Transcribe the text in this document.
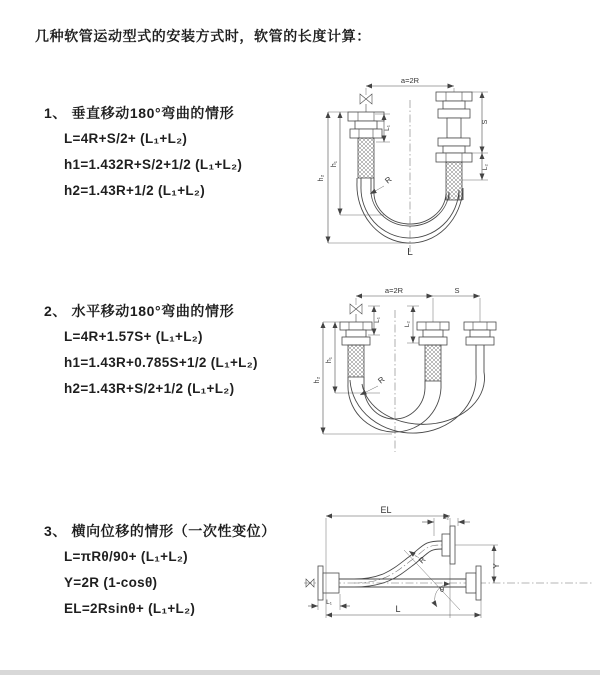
几种软管运动型式的安装方式时，软管的长度计算：
1、 垂直移动180°弯曲的情形
L=4R+S/2+ (L₁+L₂)
h1=1.432R+S/2+1/2 (L₁+L₂)
h2=1.43R+1/2 (L₁+L₂)
a=2R
h₂
h₁
L₁
S
L₂
R
L
2、 水平移动180°弯曲的情形
L=4R+1.57S+ (L₁+L₂)
h1=1.43R+0.785S+1/2 (L₁+L₂)
h2=1.43R+S/2+1/2 (L₁+L₂)
a=2R	S
h₂
h₁
L₁
L₂
R
3、 横向位移的情形（一次性变位）
L=πRθ/90+ (L₁+L₂)
Y=2R (1-cosθ)
EL=2Rsinθ+ (L₁+L₂)
EL
L₂
Y
θ
R
L₁
L
